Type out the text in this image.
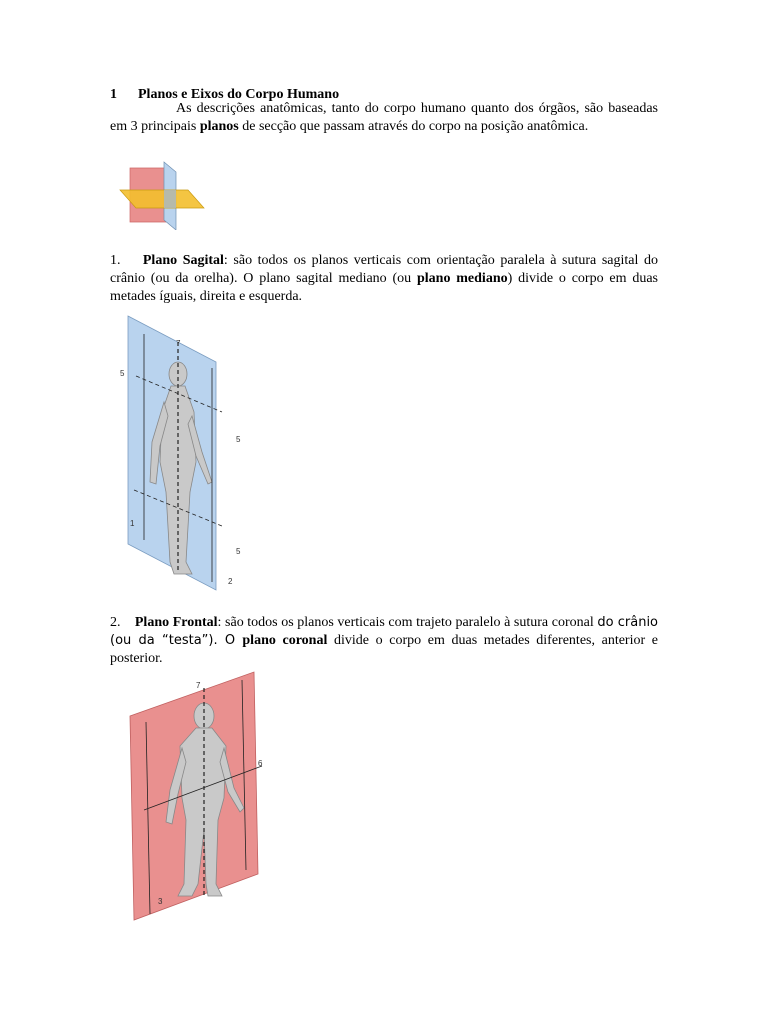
1 Planos e Eixos do Corpo Humano

As descrições anatômicas, tanto do corpo humano quanto dos órgãos, são baseadas em 3 principais planos de secção que passam através do corpo na posição anatômica.

1. Plano Sagital: são todos os planos verticais com orientação paralela à sutura sagital do crânio (ou da orelha). O plano sagital mediano (ou plano mediano) divide o corpo em duas metades íguais, direita e esquerda.

7
5
5
5
1
2

2. Plano Frontal: são todos os planos verticais com trajeto paralelo à sutura coronal do crânio (ou da “testa”). O plano coronal divide o corpo em duas metades diferentes, anterior e posterior.

7
6
3
